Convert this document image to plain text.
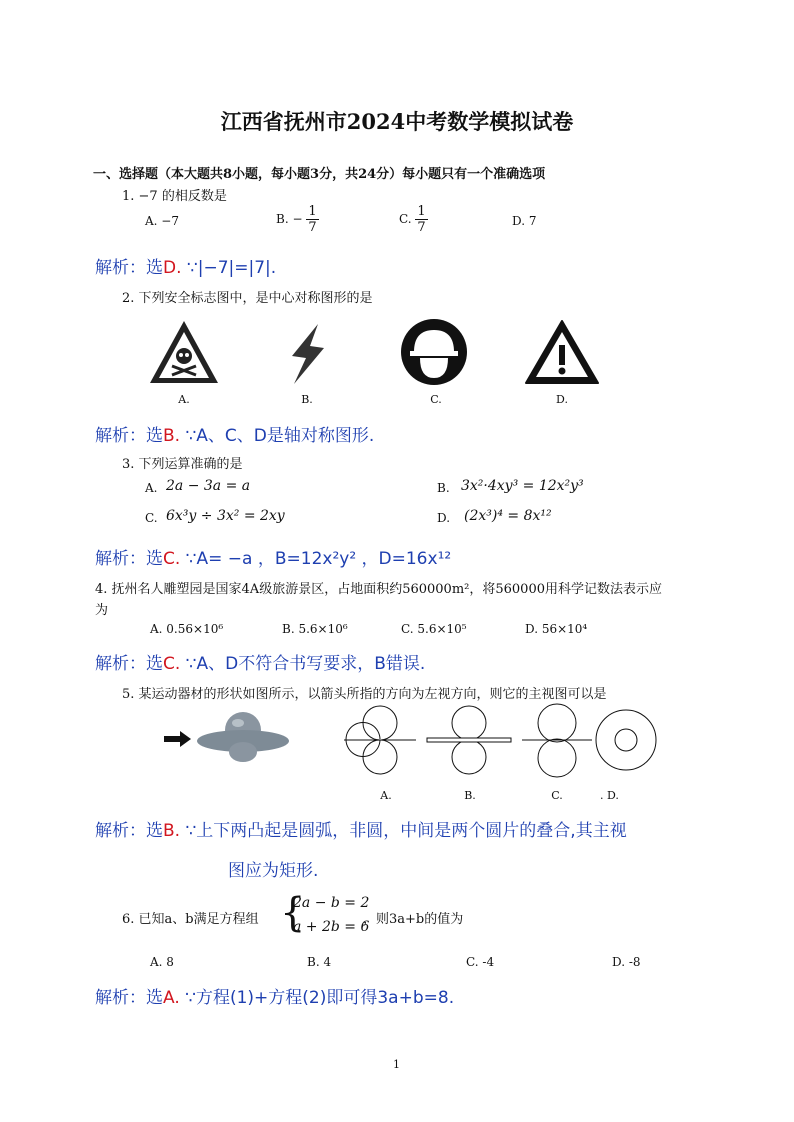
江西省抚州市2024中考数学模拟试卷
一、选择题（本大题共8小题，每小题3分，共24分）每小题只有一个准确选项
1. −7 的相反数是
A. −7	B. − $\frac{1}{7}$	C. $\frac{1}{7}$	D. 7
解析：选D. ∵|−7|=|7|.
2. 下列安全标志图中，是中心对称图形的是
A.	B.	C.	D.
解析：选B. ∵A、C、D是轴对称图形.
3. 下列运算准确的是
A. 2a − 3a = a	B. 3x²·4xy³ = 12x²y³
C. 6x³y ÷ 3x² = 2xy	D. (2x³)⁴ = 8x¹²
解析：选C. ∵A= −a ，B=12x²y² ，D=16x¹²
4. 抚州名人雕塑园是国家4A级旅游景区，占地面积约560000m²，将560000用科学记数法表示应
为
A. 0.56×10⁶	B. 5.6×10⁶	C. 5.6×10⁵	D. 56×10⁴
解析：选C. ∵A、D不符合书写要求，B错误.
5. 某运动器材的形状如图所示，以箭头所指的方向为左视方向，则它的主视图可以是
A.	B.	C.	. D.
解析：选B. ∵上下两凸起是圆弧，非圆，中间是两个圆片的叠合,其主视
图应为矩形.
6. 已知a、b满足方程组 {
2a − b = 2
a + 2b = 6
，则3a+b的值为
A. 8	B. 4	C. -4	D. -8
解析：选A. ∵方程(1)+方程(2)即可得3a+b=8.
1
